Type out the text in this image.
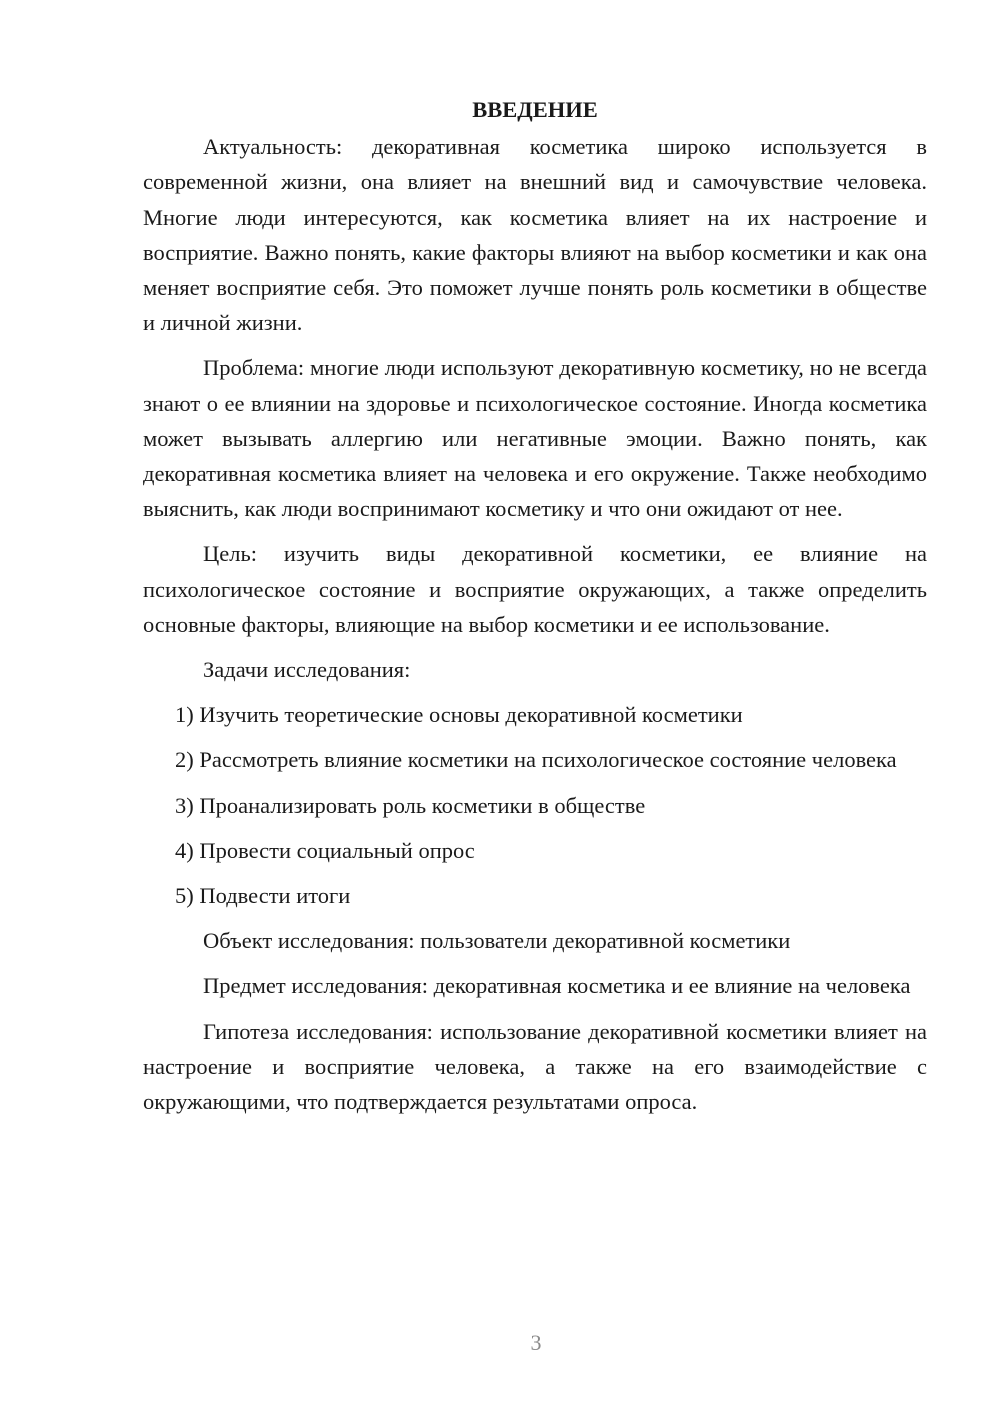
ВВЕДЕНИЕ

Актуальность: декоративная косметика широко используется в современной жизни, она влияет на внешний вид и самочувствие человека. Многие люди интересуются, как косметика влияет на их настроение и восприятие. Важно понять, какие факторы влияют на выбор косметики и как она меняет восприятие себя. Это поможет лучше понять роль косметики в обществе и личной жизни.

Проблема: многие люди используют декоративную косметику, но не всегда знают о ее влиянии на здоровье и психологическое состояние. Иногда косметика может вызывать аллергию или негативные эмоции. Важно понять, как декоративная косметика влияет на человека и его окружение. Также необходимо выяснить, как люди воспринимают косметику и что они ожидают от нее.

Цель: изучить виды декоративной косметики, ее влияние на психологическое состояние и восприятие окружающих, а также определить основные факторы, влияющие на выбор косметики и ее использование.

Задачи исследования:

1) Изучить теоретические основы декоративной косметики

2) Рассмотреть влияние косметики на психологическое состояние человека

3) Проанализировать роль косметики в обществе

4) Провести социальный опрос

5) Подвести итоги

Объект исследования: пользователи декоративной косметики

Предмет исследования: декоративная косметика и ее влияние на человека

Гипотеза исследования: использование декоративной косметики влияет на настроение и восприятие человека, а также на его взаимодействие с окружающими, что подтверждается результатами опроса.

3
